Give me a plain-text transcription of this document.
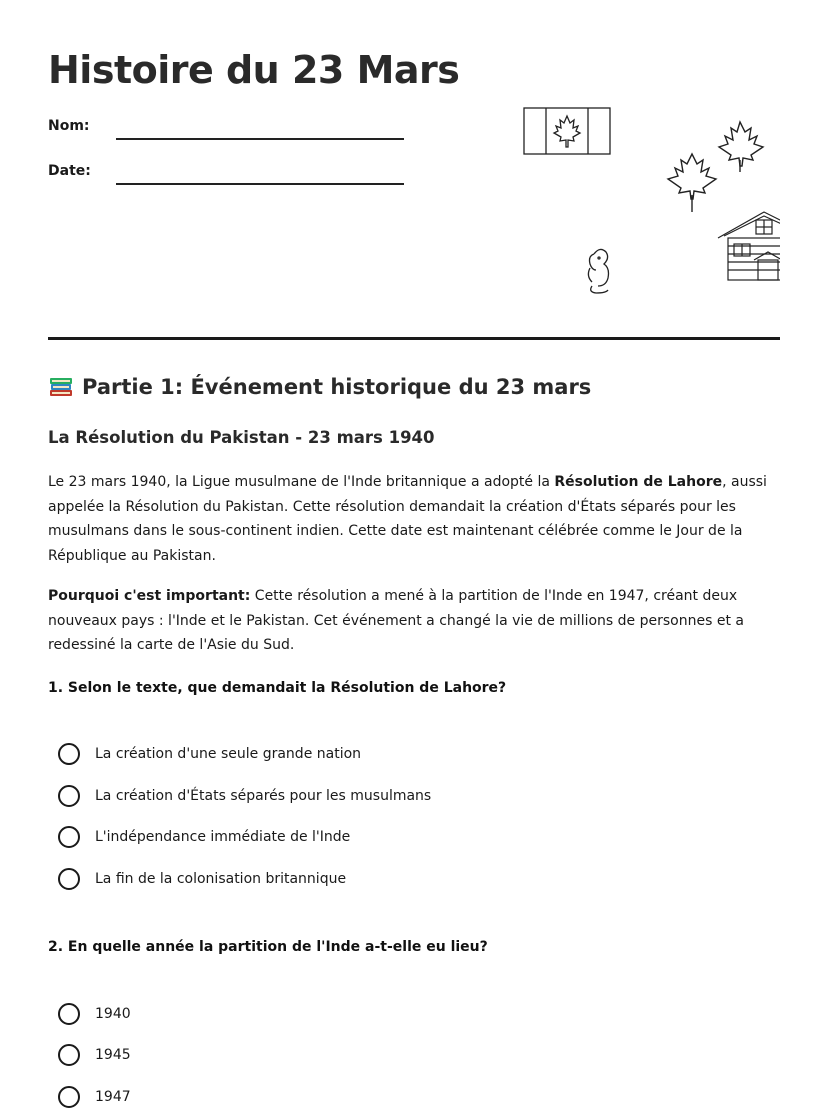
Histoire du 23 Mars
Nom:
Date:
Partie 1: Événement historique du 23 mars
La Résolution du Pakistan - 23 mars 1940

Le 23 mars 1940, la Ligue musulmane de l'Inde britannique a adopté la Résolution de Lahore, aussi appelée la Résolution du Pakistan. Cette résolution demandait la création d'États séparés pour les musulmans dans le sous-continent indien. Cette date est maintenant célébrée comme le Jour de la République au Pakistan.

Pourquoi c'est important: Cette résolution a mené à la partition de l'Inde en 1947, créant deux nouveaux pays : l'Inde et le Pakistan. Cet événement a changé la vie de millions de personnes et a redessiné la carte de l'Asie du Sud.

1. Selon le texte, que demandait la Résolution de Lahore?

La création d'une seule grande nation
La création d'États séparés pour les musulmans
L'indépendance immédiate de l'Inde
La fin de la colonisation britannique

2. En quelle année la partition de l'Inde a-t-elle eu lieu?

1940
1945
1947
